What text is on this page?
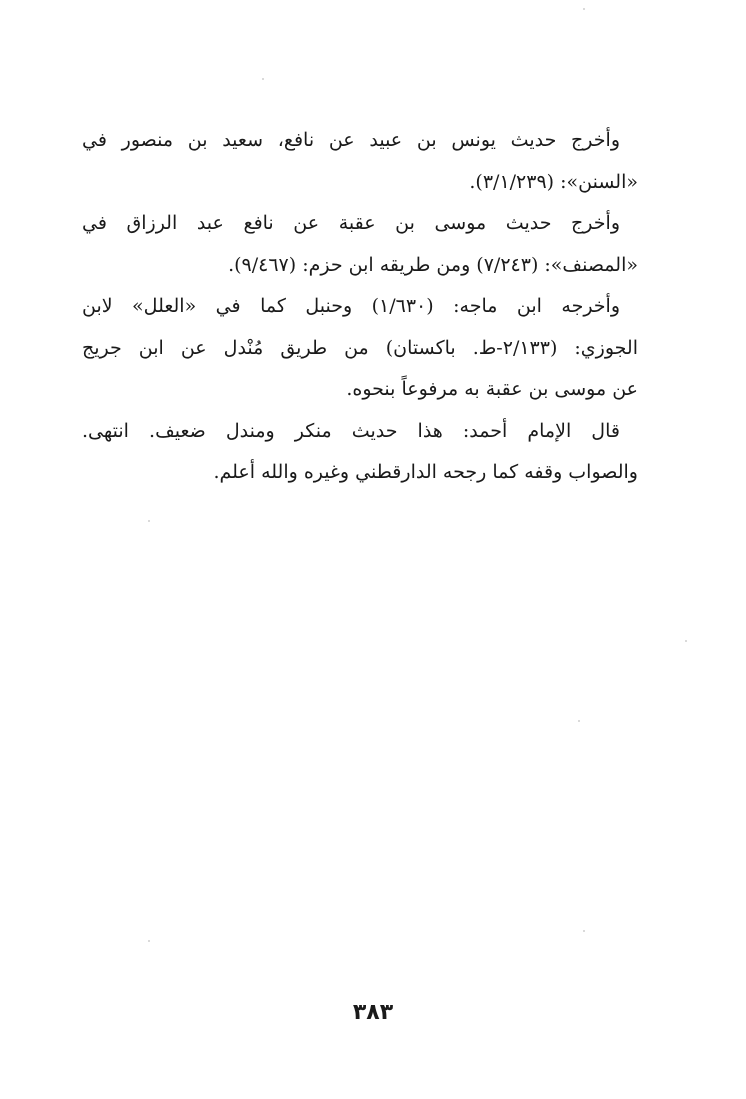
وأخرج حديث يونس بن عبيد عن نافع، سعيد بن منصور في
«السنن»: (٣/١/٢٣٩).
وأخرج حديث موسى بن عقبة عن نافع عبد الرزاق في
«المصنف»: (٧/٢٤٣) ومن طريقه ابن حزم: (٩/٤٦٧).
وأخرجه ابن ماجه: (١/٦٣٠) وحنبل كما في «العلل» لابن
الجوزي: (٢/١٣٣-ط. باكستان) من طريق مُنْدل عن ابن جريج
عن موسى بن عقبة به مرفوعاً بنحوه.
قال الإمام أحمد: هذا حديث منكر ومندل ضعيف. انتهى.
والصواب وقفه كما رجحه الدارقطني وغيره والله أعلم.
٣٨٣
